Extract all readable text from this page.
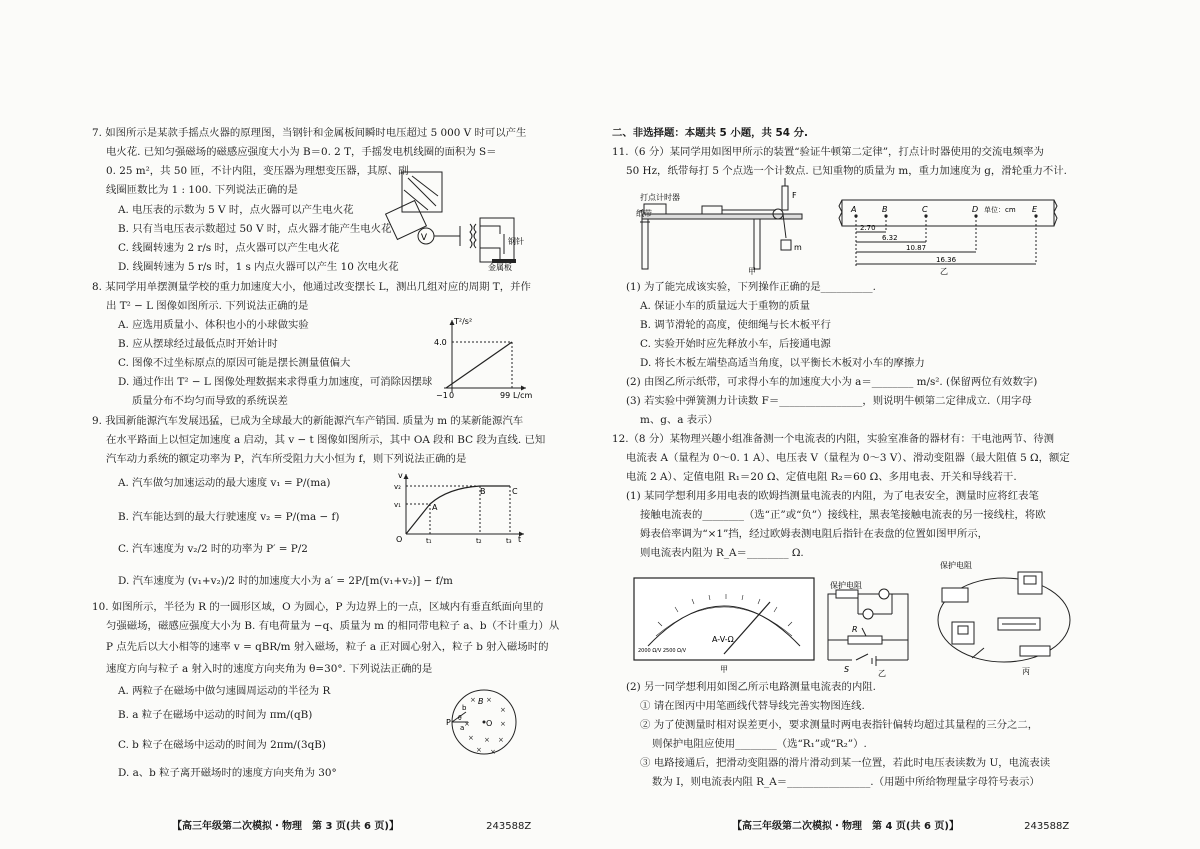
7. 如图所示是某款手摇点火器的原理图，当钢针和金属板间瞬时电压超过 5 000 V 时可以产生
电火花. 已知匀强磁场的磁感应强度大小为 B＝0. 2 T，手摇发电机线圈的面积为 S＝
0. 25 m²，共 50 匝，不计内阻，变压器为理想变压器，其原、副
线圈匝数比为 1 : 100. 下列说法正确的是
A. 电压表的示数为 5 V 时，点火器可以产生电火花
B. 只有当电压表示数超过 50 V 时，点火器才能产生电火花
C. 线圈转速为 2 r/s 时，点火器可以产生电火花
D. 线圈转速为 5 r/s 时，1 s 内点火器可以产生 10 次电火花
V	钢针
金属板
8. 某同学用单摆测量学校的重力加速度大小，他通过改变摆长 L，测出几组对应的周期 T，并作
出 T² − L 图像如图所示. 下列说法正确的是
A. 应选用质量小、体积也小的小球做实验
B. 应从摆球经过最低点时开始计时
C. 图像不过坐标原点的原因可能是摆长测量值偏大
D. 通过作出 T² − L 图像处理数据来求得重力加速度，可消除因摆球
质量分布不均匀而导致的系统误差
T²/s²
L/cm
4.0
−1 0	99
9. 我国新能源汽车发展迅猛，已成为全球最大的新能源汽车产销国. 质量为 m 的某新能源汽车
在水平路面上以恒定加速度 a 启动，其 v − t 图像如图所示，其中 OA 段和 BC 段为直线. 已知
汽车动力系统的额定功率为 P，汽车所受阻力大小恒为 f，则下列说法正确的是
A. 汽车做匀加速运动的最大速度 v₁ = P/(ma)
B. 汽车能达到的最大行驶速度 v₂ = P/(ma − f)
C. 汽车速度为 v₂/2 时的功率为 P′ = P/2
D. 汽车速度为 (v₁+v₂)/2 时的加速度大小为 a′ = 2P/[m(v₁+v₂)] − f/m
O
A
B	C
v₂
v₁
t₁	t₂	t₃
v
t
10. 如图所示，半径为 R 的一圆形区域，O 为圆心，P 为边界上的一点，区域内有垂直纸面向里的
匀强磁场，磁感应强度大小为 B. 有电荷量为 −q、质量为 m 的相同带电粒子 a、b（不计重力）从
P 点先后以大小相等的速率 v = qBR/m 射入磁场，粒子 a 正对圆心射入，粒子 b 射入磁场时的
速度方向与粒子 a 射入时的速度方向夹角为 θ=30°. 下列说法正确的是
A. 两粒子在磁场中做匀速圆周运动的半径为 R
B. a 粒子在磁场中运动的时间为 πm/(qB)
C. b 粒子在磁场中运动的时间为 2πm/(3qB)
D. a、b 粒子离开磁场时的速度方向夹角为 30°
× ×
×
×	×
× × ×
× ×
B
P	O
a
b
θ
【高三年级第二次模拟・物理　第 3 页(共 6 页)】	243588Z
二、非选择题：本题共 5 小题，共 54 分.
11.（6 分）某同学用如图甲所示的装置“验证牛顿第二定律”，打点计时器使用的交流电频率为
50 Hz，纸带每打 5 个点选一个计数点. 已知重物的质量为 m，重力加速度为 g，滑轮重力不计.
打点计时器
纸带
F
m
甲
A	B	C	D	E
单位：cm
2.70
6.32
10.87
16.36
乙
(1) 为了能完成该实验，下列操作正确的是__________.
A. 保证小车的质量远大于重物的质量
B. 调节滑轮的高度，使细绳与长木板平行
C. 实验开始时应先释放小车，后接通电源
D. 将长木板左端垫高适当角度，以平衡长木板对小车的摩擦力
(2) 由图乙所示纸带，可求得小车的加速度大小为 a＝________ m/s². (保留两位有效数字)
(3) 若实验中弹簧测力计读数 F＝________________，则说明牛顿第二定律成立.（用字母
m、g、a 表示）
12.（8 分）某物理兴趣小组准备测一个电流表的内阻，实验室准备的器材有：干电池两节、待测
电流表 A（量程为 0～0. 1 A）、电压表 V（量程为 0～3 V）、滑动变阻器（最大阻值 5 Ω，额定
电流 2 A）、定值电阻 R₁＝20 Ω、定值电阻 R₂＝60 Ω、多用电表、开关和导线若干.
(1) 某同学想利用多用电表的欧姆挡测量电流表的内阻，为了电表安全，测量时应将红表笔
接触电流表的________（选“正”或“负”）接线柱，黑表笔接触电流表的另一接线柱，将欧
姆表倍率调为“×1”挡，经过欧姆表测电阻后指针在表盘的位置如图甲所示，
则电流表内阻为 R_A＝________ Ω.
A-V-Ω
2000 Ω/V 2500 Ω/V
甲
保护电阻
R
S	乙
保护电阻
丙
(2) 另一同学想利用如图乙所示电路测量电流表的内阻.
① 请在图丙中用笔画线代替导线完善实物图连线.
② 为了使测量时相对误差更小，要求测量时两电表指针偏转均超过其量程的三分之二，
则保护电阻应使用________（选“R₁”或“R₂”）.
③ 电路接通后，把滑动变阻器的滑片滑动到某一位置，若此时电压表读数为 U，电流表读
数为 I，则电流表内阻 R_A＝________________.（用题中所给物理量字母符号表示）
【高三年级第二次模拟・物理　第 4 页(共 6 页)】	243588Z
